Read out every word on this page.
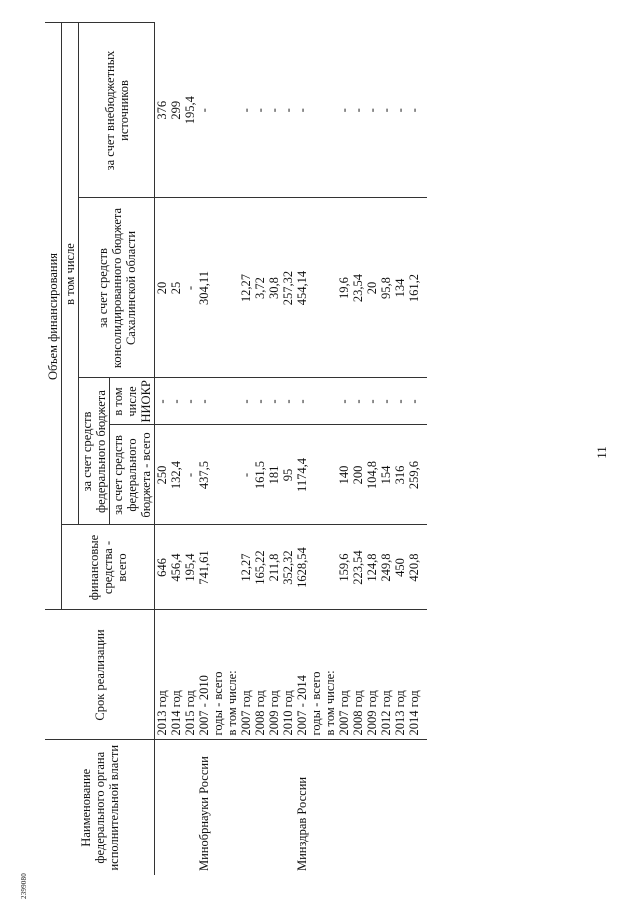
2399080
Наименование федерального органа исполнительной власти	Срок реализации	Объем финансирования				
		финансовые средства - всего	в том числе			
			за счет средств федерального бюджета		за счет средств консолидированного бюджета Сахалинской области	за счет внебюджетных источников
			за счет средств федерального бюджета - всего	в том числе НИОКР		
	2013 год	646	250	-	20	376
	2014 год	456,4	132,4	-	25	299
	2015 год	195,4	-	-	-	195,4
Минобрнауки России	2007 - 2010	741,61	437,5	-	304,11	-
	годы - всего					
	в том числе:					
	2007 год	12,27	-	-	12,27	-
	2008 год	165,22	161,5	-	3,72	-
	2009 год	211,8	181	-	30,8	-
	2010 год	352,32	95	-	257,32	-
Минздрав России	2007 - 2014	1628,54	1174,4	-	454,14	-
	годы - всего					
	в том числе:					
	2007 год	159,6	140	-	19,6	-
	2008 год	223,54	200	-	23,54	-
	2009 год	124,8	104,8	-	20	-
	2012 год	249,8	154	-	95,8	-
	2013 год	450	316	-	134	-
	2014 год	420,8	259,6	-	161,2	-

11
